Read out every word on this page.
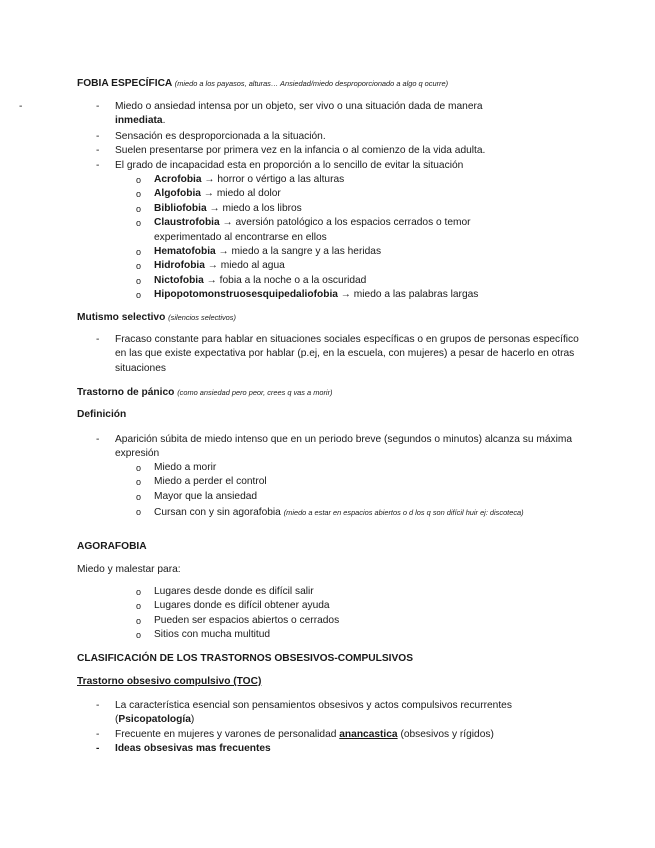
FOBIA ESPECÍFICA (miedo a los payasos, alturas… Ansiedad/miedo desproporcionado a algo q ocurre)

- - Miedo o ansiedad intensa por un objeto, ser vivo o una situación dada de manera inmediata.
- Sensación es desproporcionada a la situación.
- Suelen presentarse por primera vez en la infancia o al comienzo de la vida adulta.
- El grado de incapacidad esta en proporción a lo sencillo de evitar la situación
o Acrofobia → horror o vértigo a las alturas
o Algofobia → miedo al dolor
o Bibliofobia → miedo a los libros
o Claustrofobia → aversión patológico a los espacios cerrados o temor experimentado al encontrarse en ellos
o Hematofobia → miedo a la sangre y a las heridas
o Hidrofobia → miedo al agua
o Nictofobia → fobia a la noche o a la oscuridad
o Hipopotomonstruosesquipedaliofobia → miedo a las palabras largas

Mutismo selectivo (silencios selectivos)

Fracaso constante para hablar en situaciones sociales específicas o en grupos de personas específico en las que existe expectativa por hablar (p.ej, en la escuela, con mujeres) a pesar de hacerlo en otras situaciones
-

Trastorno de pánico (como ansiedad pero peor, crees q vas a morir)

Definición

Aparición súbita de miedo intenso que en un periodo breve (segundos o minutos) alcanza su máxima expresión
-
o Miedo a morir
o Miedo a perder el control
o Mayor que la ansiedad
o Cursan con y sin agorafobia (miedo a estar en espacios abiertos o d los q son difícil huir ej: discoteca)

AGORAFOBIA

Miedo y malestar para:

o Lugares desde donde es difícil salir
o Lugares donde es difícil obtener ayuda
o Pueden ser espacios abiertos o cerrados
o Sitios con mucha multitud

CLASIFICACIÓN DE LOS TRASTORNOS OBSESIVOS-COMPULSIVOS

Trastorno obsesivo compulsivo (TOC)

- La característica esencial son pensamientos obsesivos y actos compulsivos recurrentes (Psicopatología)
- Frecuente en mujeres y varones de personalidad anancastica (obsesivos y rígidos)
- Ideas obsesivas mas frecuentes
